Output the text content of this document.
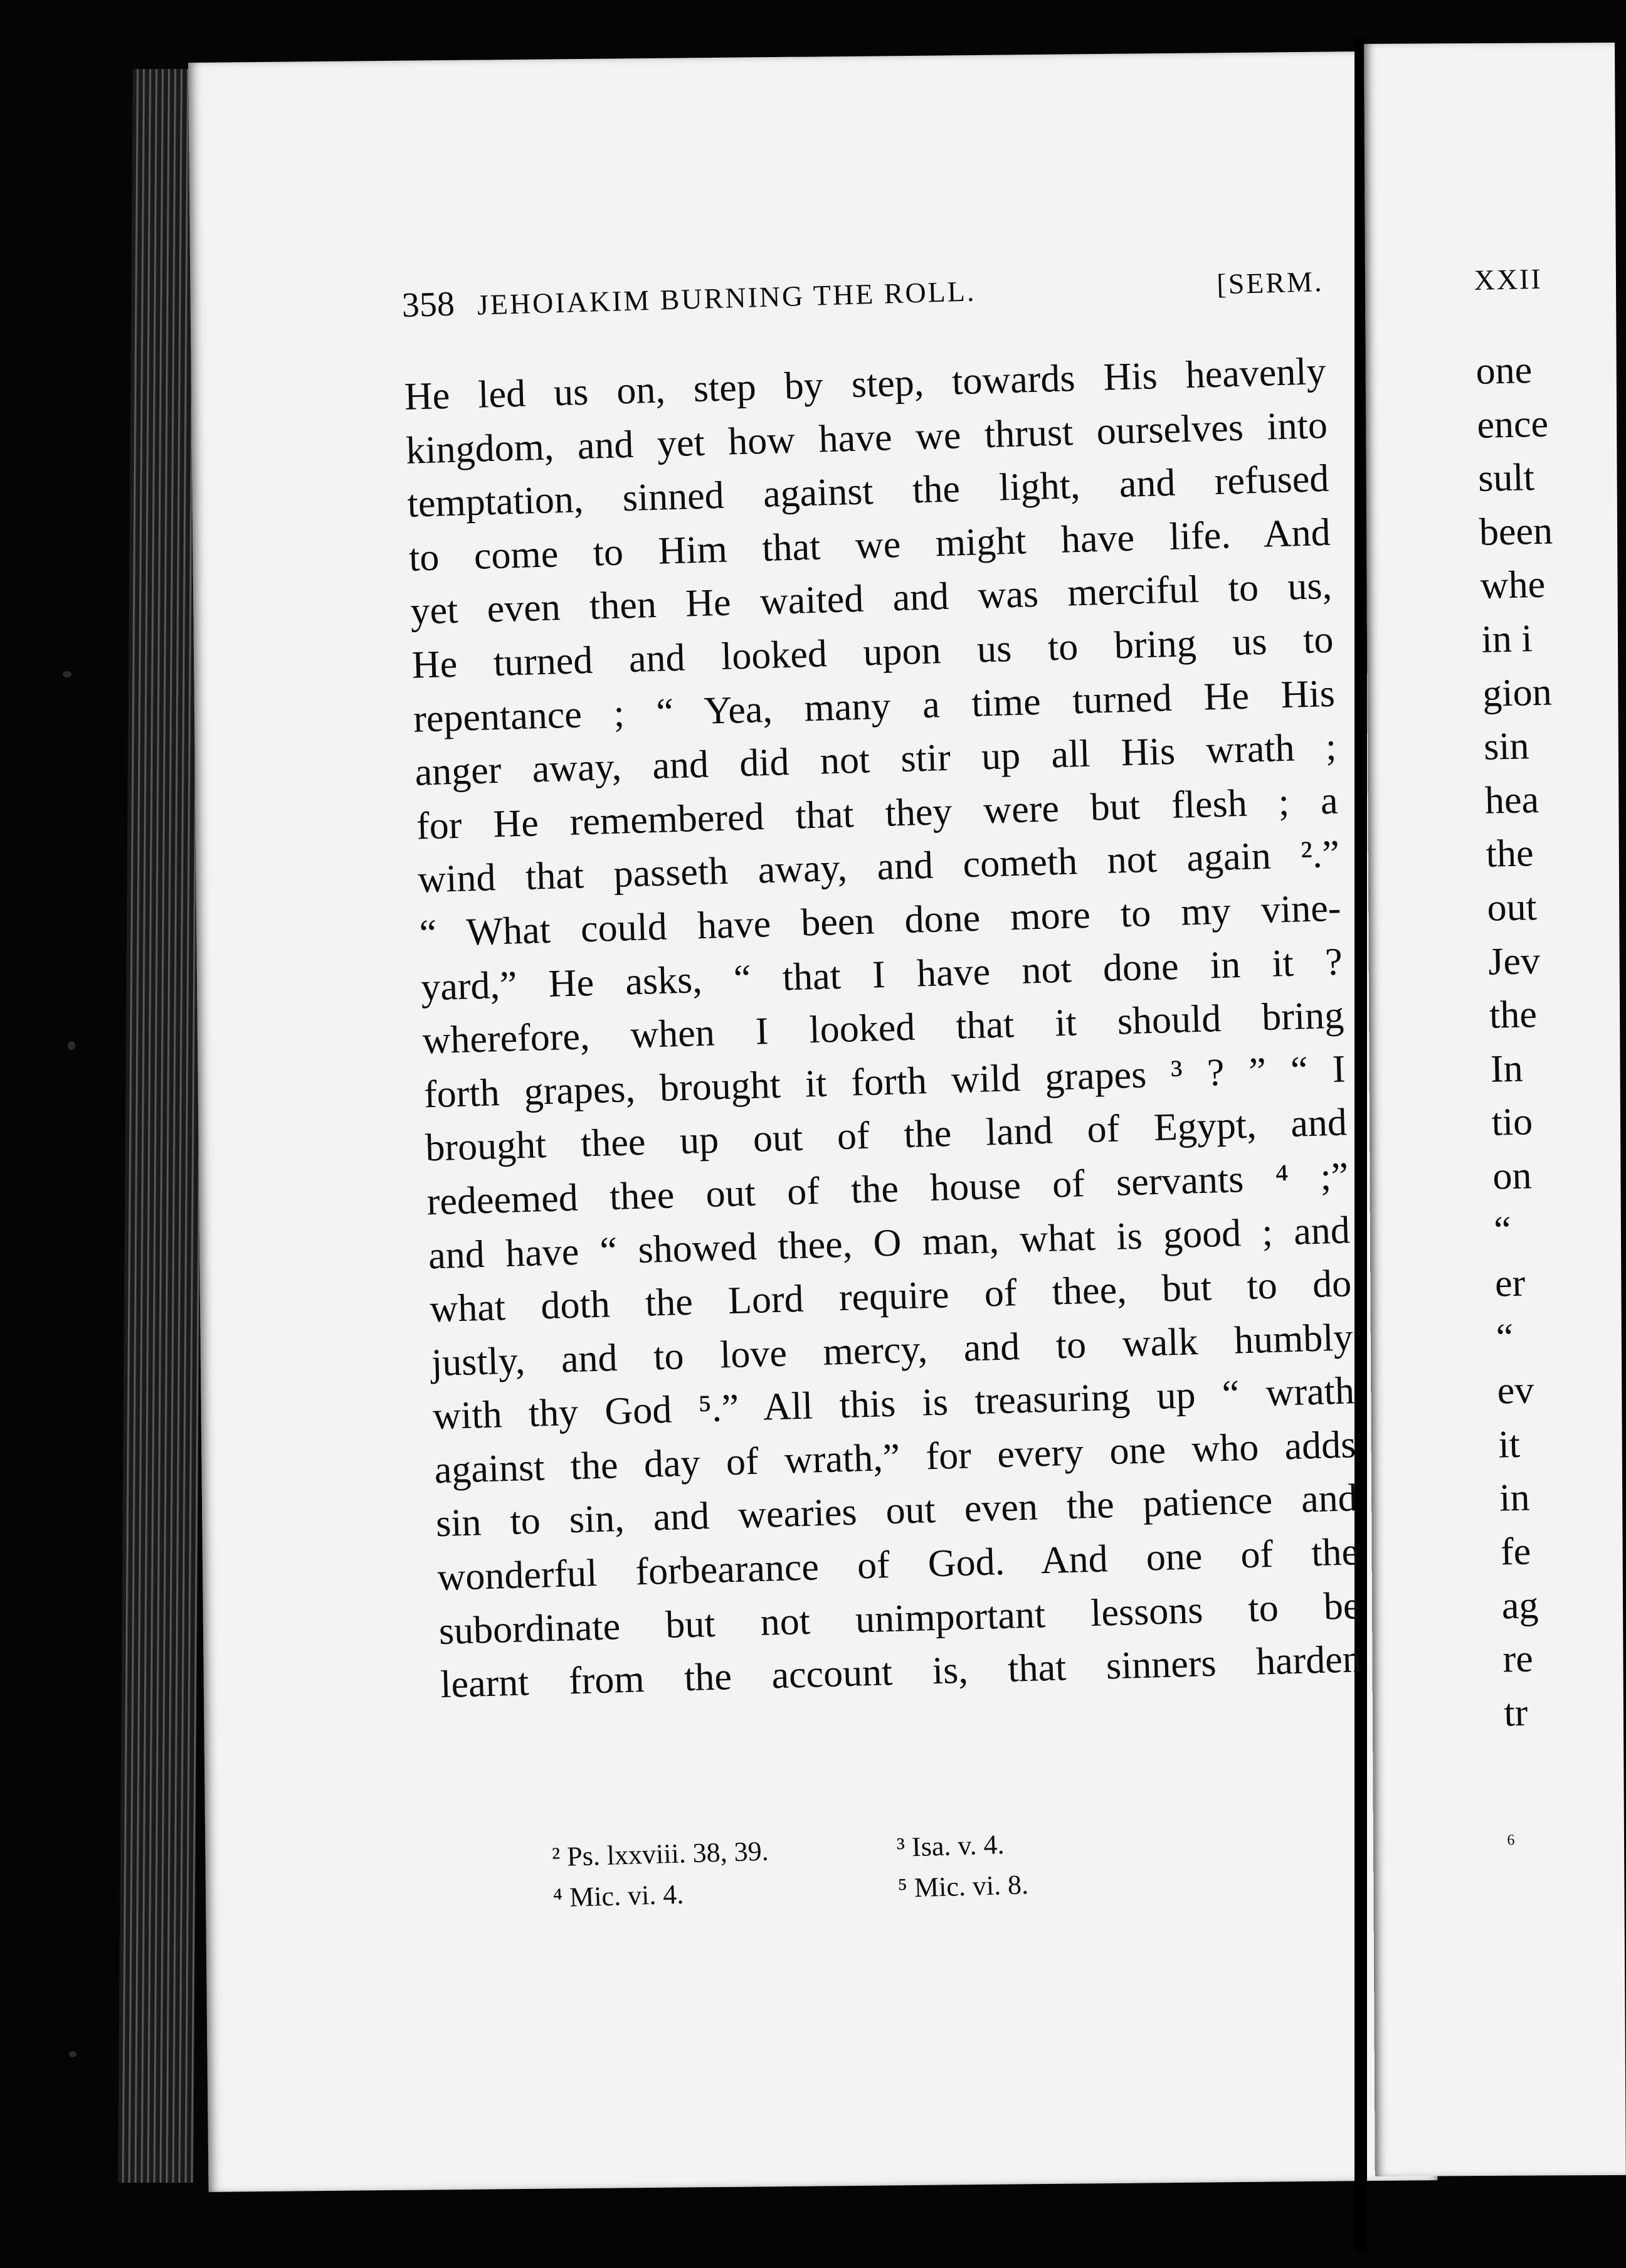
358 JEHOIAKIM BURNING THE ROLL.	[SERM.
He led us on, step by step, towards His heavenly
kingdom, and yet how have we thrust ourselves into
temptation, sinned against the light, and refused
to come to Him that we might have life. And
yet even then He waited and was merciful to us,
He turned and looked upon us to bring us to
repentance ; “ Yea, many a time turned He His
anger away, and did not stir up all His wrath ;
for He remembered that they were but flesh ; a
wind that passeth away, and cometh not again ².”
“ What could have been done more to my vine-
yard,” He asks, “ that I have not done in it ?
wherefore, when I looked that it should bring
forth grapes, brought it forth wild grapes ³ ? ” “ I
brought thee up out of the land of Egypt, and
redeemed thee out of the house of servants ⁴ ;”
and have “ showed thee, O man, what is good ; and
what doth the Lord require of thee, but to do
justly, and to love mercy, and to walk humbly
with thy God ⁵.” All this is treasuring up “ wrath
against the day of wrath,” for every one who adds
sin to sin, and wearies out even the patience and
wonderful forbearance of God. And one of the
subordinate but not unimportant lessons to be
learnt from the account is, that sinners harden
² Ps. lxxviii. 38, 39.	³ Isa. v. 4.
⁴ Mic. vi. 4.	⁵ Mic. vi. 8.
XXII
one
ence
sult
been
whe
in i
gion
sin
hea
the
out
Jev
the
In
tio
on
“
er
“
ev
it
in
fe
ag
re
tr
⁶
